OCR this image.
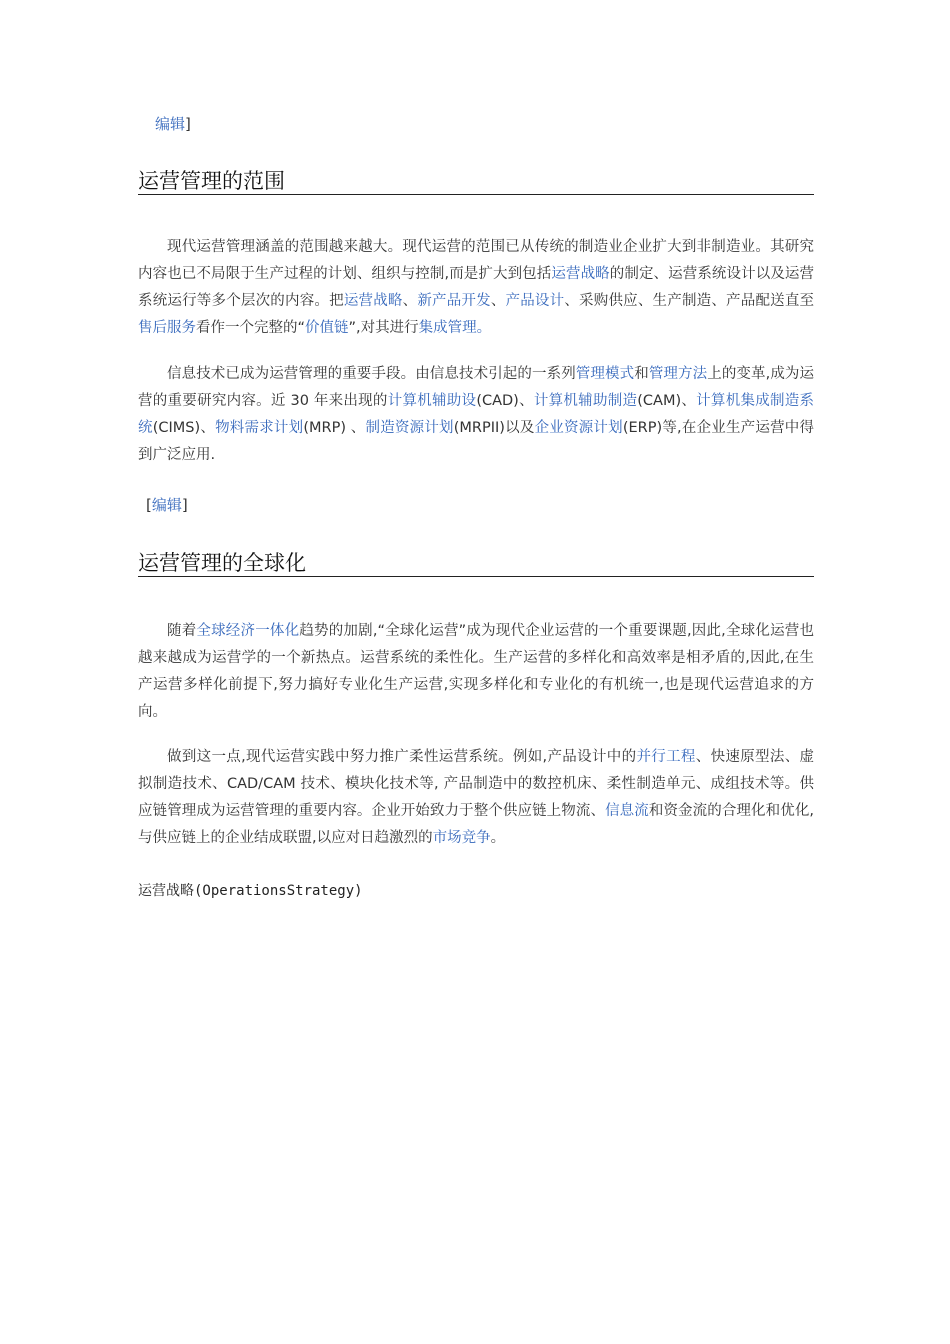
编辑]
运营管理的范围

现代运营管理涵盖的范围越来越大。现代运营的范围已从传统的制造业企业扩大到非制造业。其研究内容也已不局限于生产过程的计划、组织与控制,而是扩大到包括运营战略的制定、运营系统设计以及运营系统运行等多个层次的内容。把运营战略、新产品开发、产品设计、采购供应、生产制造、产品配送直至售后服务看作一个完整的“价值链”,对其进行集成管理。

信息技术已成为运营管理的重要手段。由信息技术引起的一系列管理模式和管理方法上的变革,成为运营的重要研究内容。近 30 年来出现的计算机辅助设(CAD)、计算机辅助制造(CAM)、计算机集成制造系统(CIMS)、物料需求计划(MRP) 、制造资源计划(MRPII)以及企业资源计划(ERP)等,在企业生产运营中得到广泛应用.

[编辑]
运营管理的全球化

随着全球经济一体化趋势的加剧,“全球化运营”成为现代企业运营的一个重要课题,因此,全球化运营也越来越成为运营学的一个新热点。运营系统的柔性化。生产运营的多样化和高效率是相矛盾的,因此,在生产运营多样化前提下,努力搞好专业化生产运营,实现多样化和专业化的有机统一,也是现代运营追求的方向。

做到这一点,现代运营实践中努力推广柔性运营系统。例如,产品设计中的并行工程、快速原型法、虚拟制造技术、CAD/CAM 技术、模块化技术等, 产品制造中的数控机床、柔性制造单元、成组技术等。供应链管理成为运营管理的重要内容。企业开始致力于整个供应链上物流、信息流和资金流的合理化和优化,与供应链上的企业结成联盟,以应对日趋激烈的市场竞争。

运营战略(OperationsStrategy)
